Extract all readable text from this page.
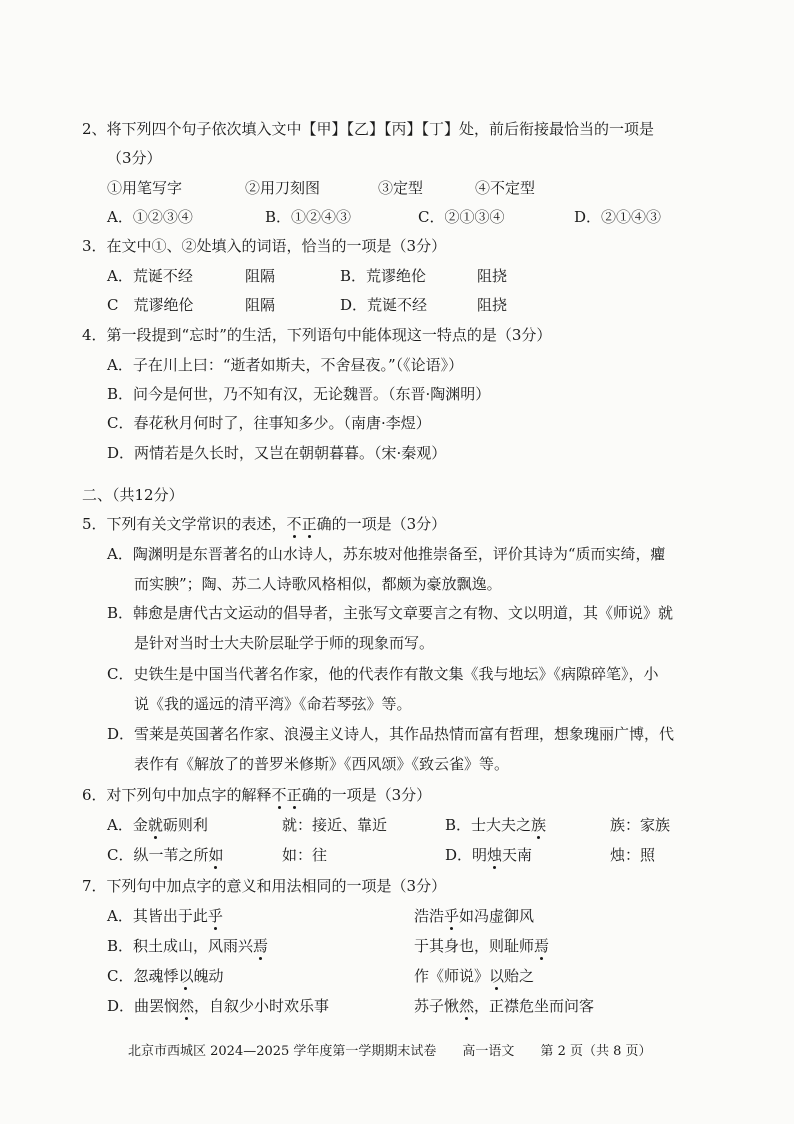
2、将下列四个句子依次填入文中【甲】【乙】【丙】【丁】处，前后衔接最恰当的一项是
（3分）
①用笔写字	②用刀刻图	③定型	④不定型
A．①②③④	B．①②④③	C．②①③④	D．②①④③
3．在文中①、②处填入的词语，恰当的一项是（3分）
A．荒诞不经	阻隔	B．荒谬绝伦	阻挠
C　荒谬绝伦	阻隔	D．荒诞不经	阻挠
4．第一段提到“忘时”的生活，下列语句中能体现这一特点的是（3分）
A．子在川上曰：“逝者如斯夫，不舍昼夜。”（《论语》）
B．问今是何世，乃不知有汉，无论魏晋。（东晋·陶渊明）
C．春花秋月何时了，往事知多少。（南唐·李煜）
D．两情若是久长时，又岂在朝朝暮暮。（宋·秦观）
二、（共12分）
5．下列有关文学常识的表述， 不 正 确的一项是（3分）
A．陶渊明是东晋著名的山水诗人，苏东坡对他推崇备至，评价其诗为“质而实绮，癯
而实腴”；陶、苏二人诗歌风格相似，都颇为豪放飘逸。
B．韩愈是唐代古文运动的倡导者，主张写文章要言之有物、文以明道，其《师说》就
是针对当时士大夫阶层耻学于师的现象而写。
C．史铁生是中国当代著名作家，他的代表作有散文集《我与地坛》《病隙碎笔》，小
说《我的遥远的清平湾》《命若琴弦》等。
D．雪莱是英国著名作家、浪漫主义诗人，其作品热情而富有哲理，想象瑰丽广博，代
表作有《解放了的普罗米修斯》《西风颂》《致云雀》等。
6．对下列句中加点字的解释 不 正 确的一项是（3分）
A．金 就 砺则利	就：接近、靠近	B．士大夫之 族	族：家族
C．纵一苇之所 如	如：往	D．明 烛 天南	烛：照
7．下列句中加点字的意义和用法相同的一项是（3分）
A．其皆出于此 乎	浩浩 乎 如冯虚御风
B．积土成山，风雨兴 焉	于其身也，则耻师 焉
C．忽魂悸 以 魄动	作《师说》 以 贻之
D．曲罢悯 然 ，自叙少小时欢乐事	苏子愀 然 ，正襟危坐而问客
北京市西城区 2024—2025 学年度第一学期期末试卷　　高一语文　　第 2 页（共 8 页）
